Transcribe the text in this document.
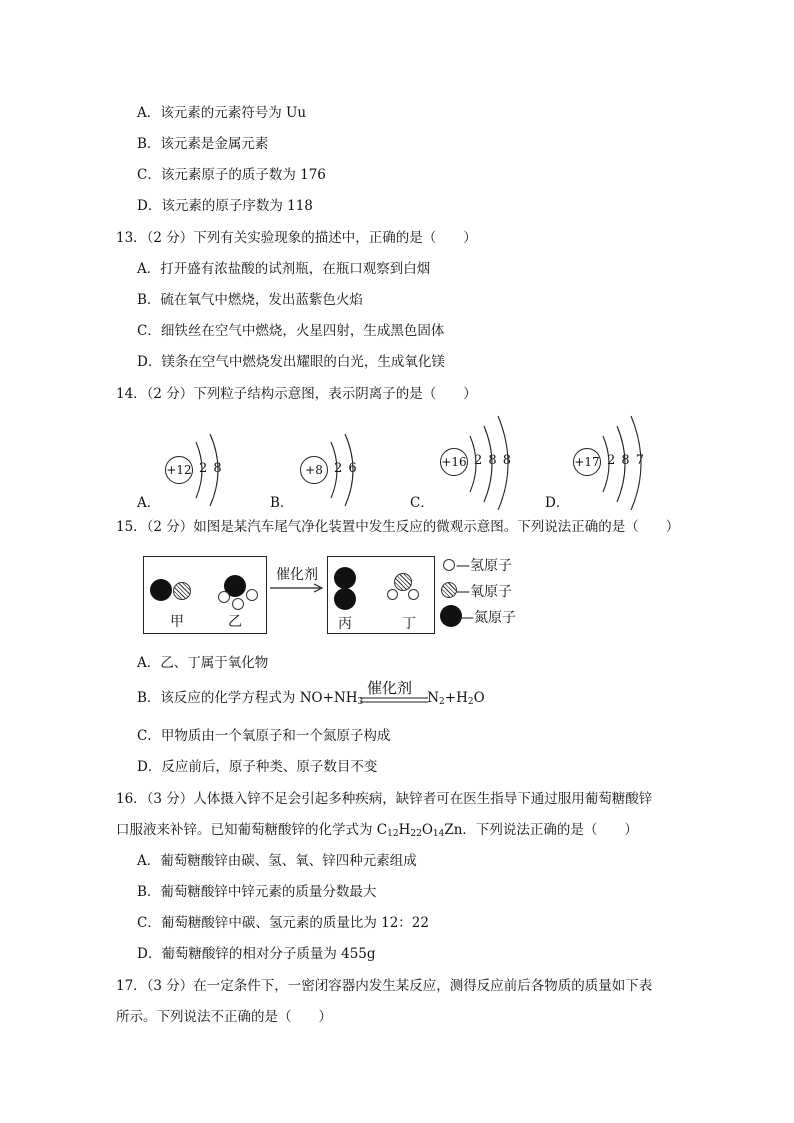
A．该元素的元素符号为 Uu
B．该元素是金属元素
C．该元素原子的质子数为 176
D．该元素的原子序数为 118
13．（2 分）下列有关实验现象的描述中，正确的是（　　）
A．打开盛有浓盐酸的试剂瓶，在瓶口观察到白烟
B．硫在氧气中燃烧，发出蓝紫色火焰
C．细铁丝在空气中燃烧，火星四射，生成黑色固体
D．镁条在空气中燃烧发出耀眼的白光，生成氧化镁
14．（2 分）下列粒子结构示意图，表示阴离子的是（　　）
+12 2 8
A．
+8 2 6
B．
+16 2 8 8
C．
+17 2 8 7
D．
15．（2 分）如图是某汽车尾气净化装置中发生反应的微观示意图。下列说法正确的是（　　）
甲	乙
催化剂
丙	丁
—氢原子
—氧原子
—氮原子
A．乙、丁属于氧化物
B．该反应的化学方程式为 $NO+NH_3$	$N_2+H_2O$
催化剂
C．甲物质由一个氧原子和一个氮原子构成
D．反应前后，原子种类、原子数目不变
16．（3 分）人体摄入锌不足会引起多种疾病，缺锌者可在医生指导下通过服用葡萄糖酸锌
口服液来补锌。已知葡萄糖酸锌的化学式为 $C_{12}H_{22}O_{14}Zn$．下列说法正确的是（　　）
A．葡萄糖酸锌由碳、氢、氧、锌四种元素组成
B．葡萄糖酸锌中锌元素的质量分数最大
C．葡萄糖酸锌中碳、氢元素的质量比为 12：22
D．葡萄糖酸锌的相对分子质量为 455g
17．（3 分）在一定条件下，一密闭容器内发生某反应，测得反应前后各物质的质量如下表
所示。下列说法不正确的是（　　）
